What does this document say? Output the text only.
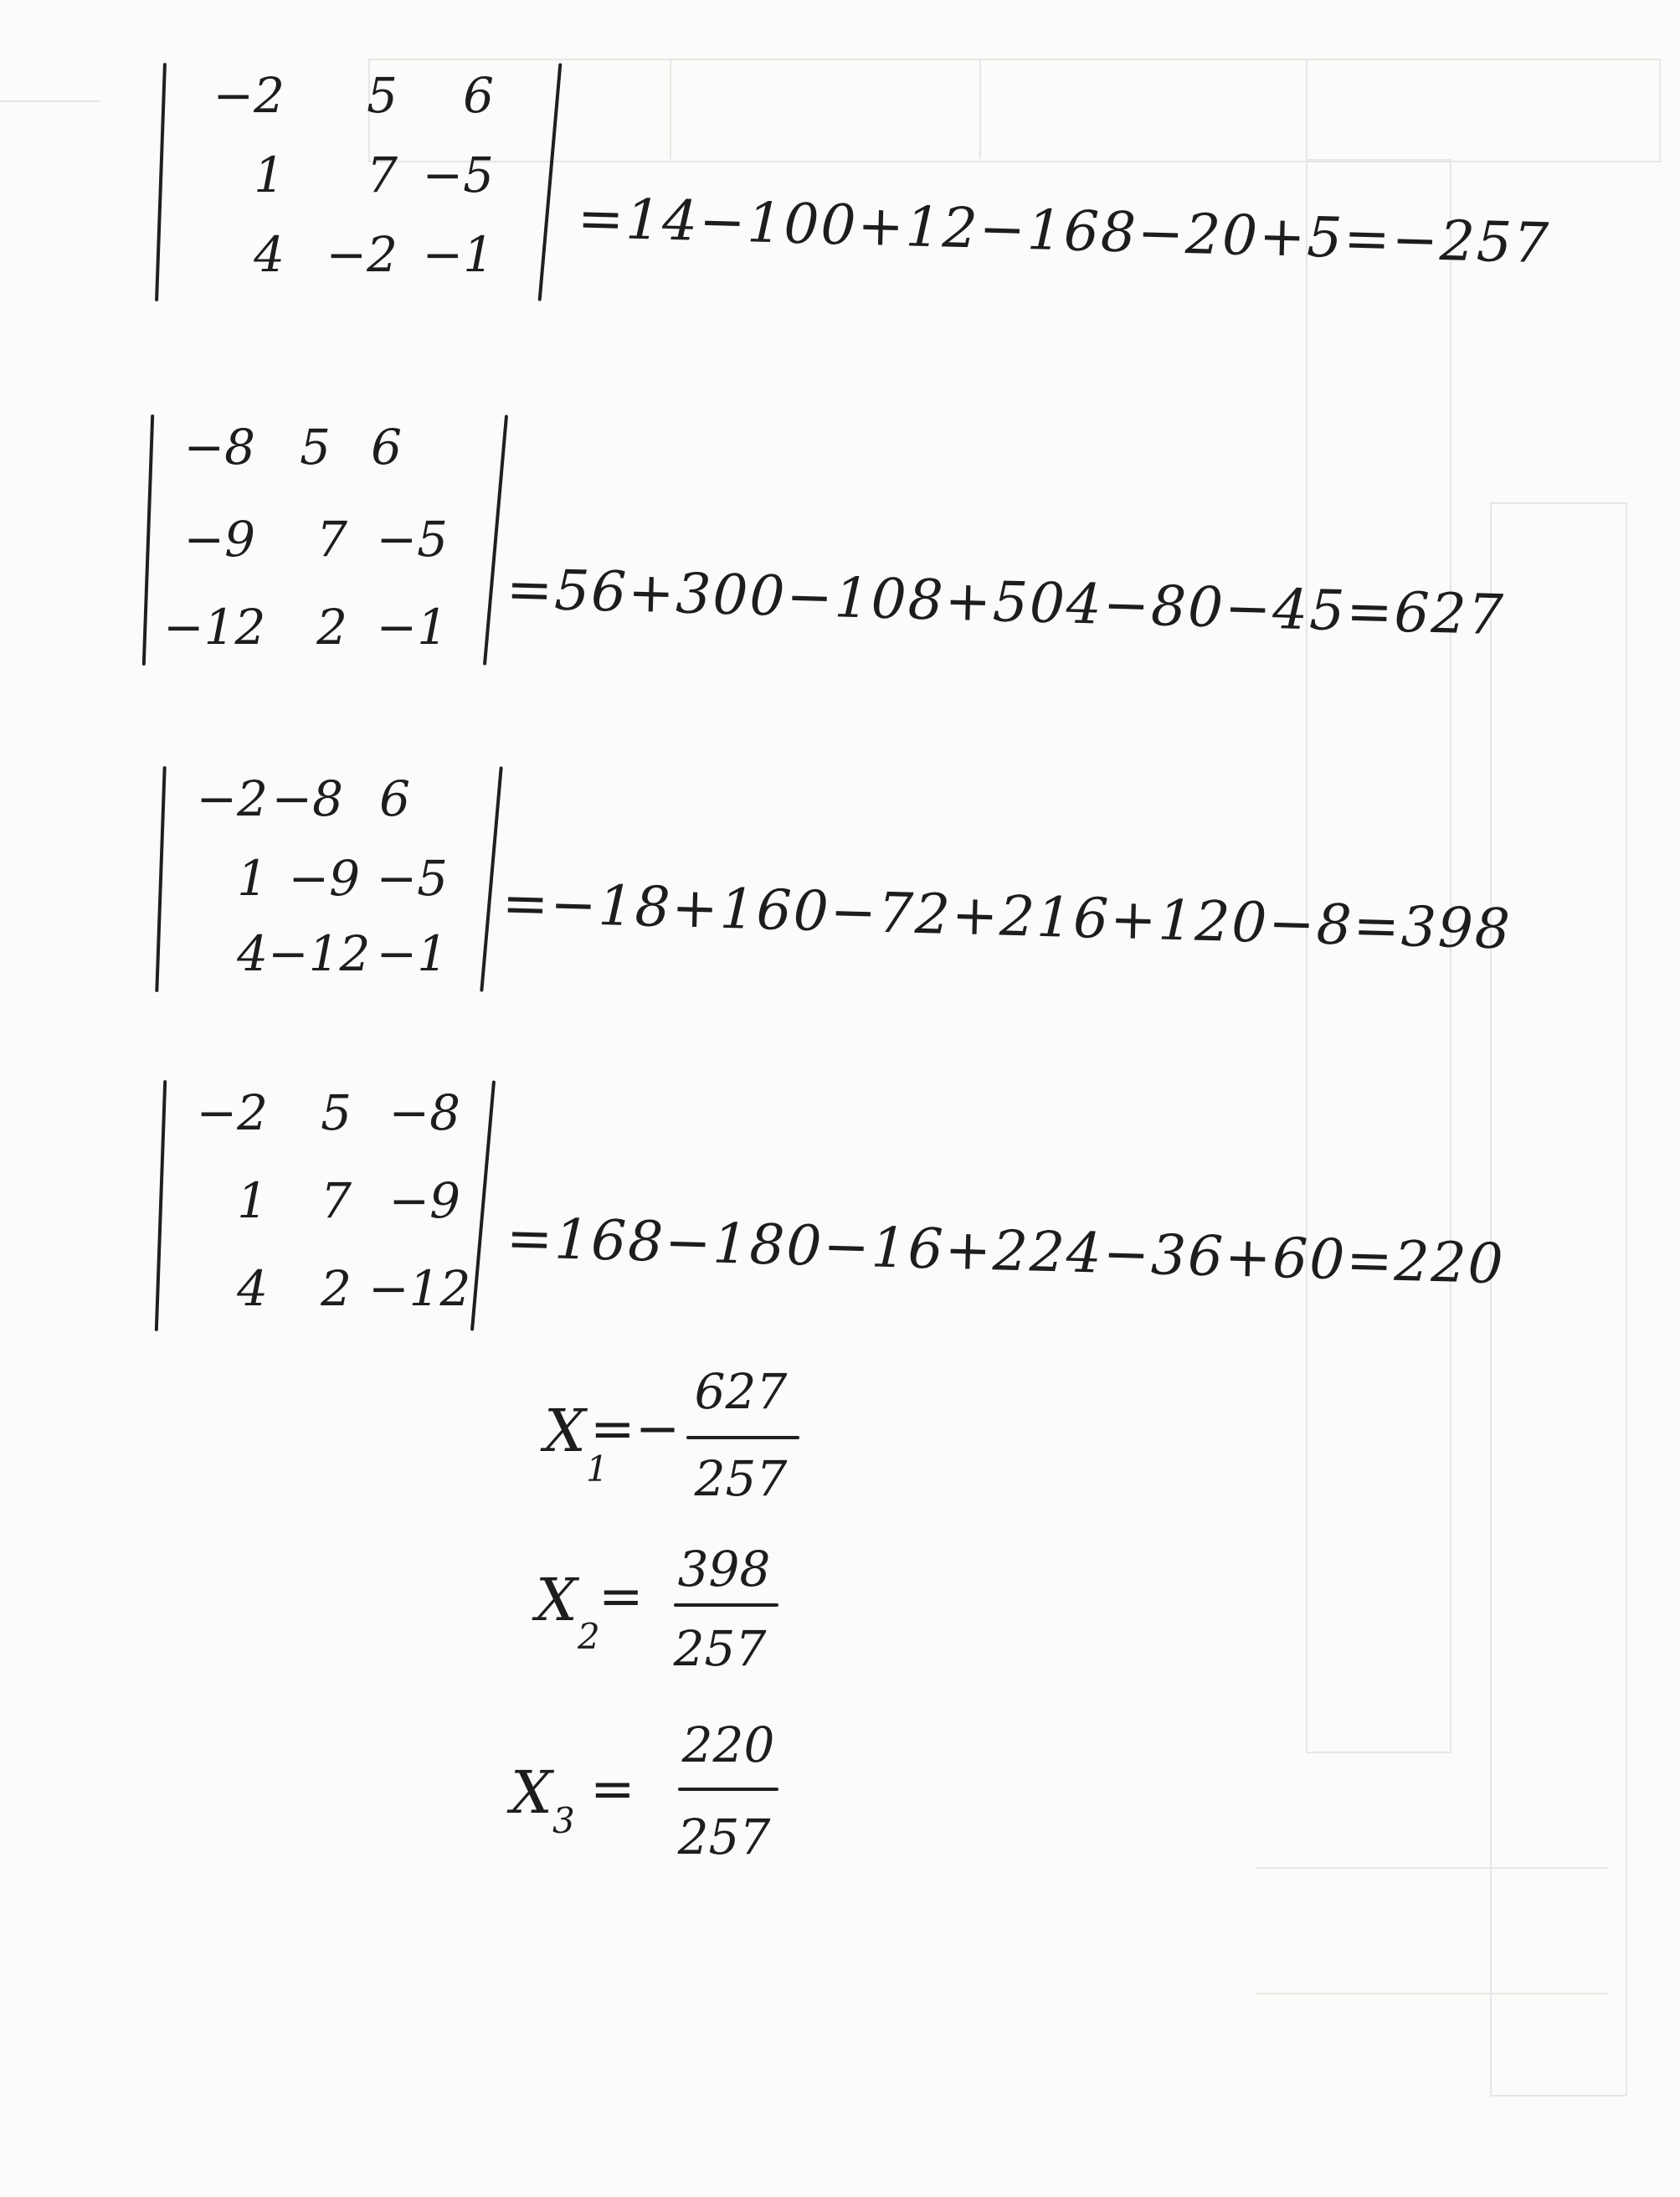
−2	5	6
1	7 −5
4 −2 −1 =14−100+12−168−20+5=−257
−8 5 6
−9	7 −5
−12	2 −1 =56+300−108+504−80−45=627
−2 −8 6
1 −9 −5
4 −12 −1 =−18+160−72+216+120−8=398
−2	5 −8
1	7 −9
4	2 −12 =168−180−16+224−36+60=220
X
1
=−
627
257
X
2
= 398
257
X 3
=
220
257
